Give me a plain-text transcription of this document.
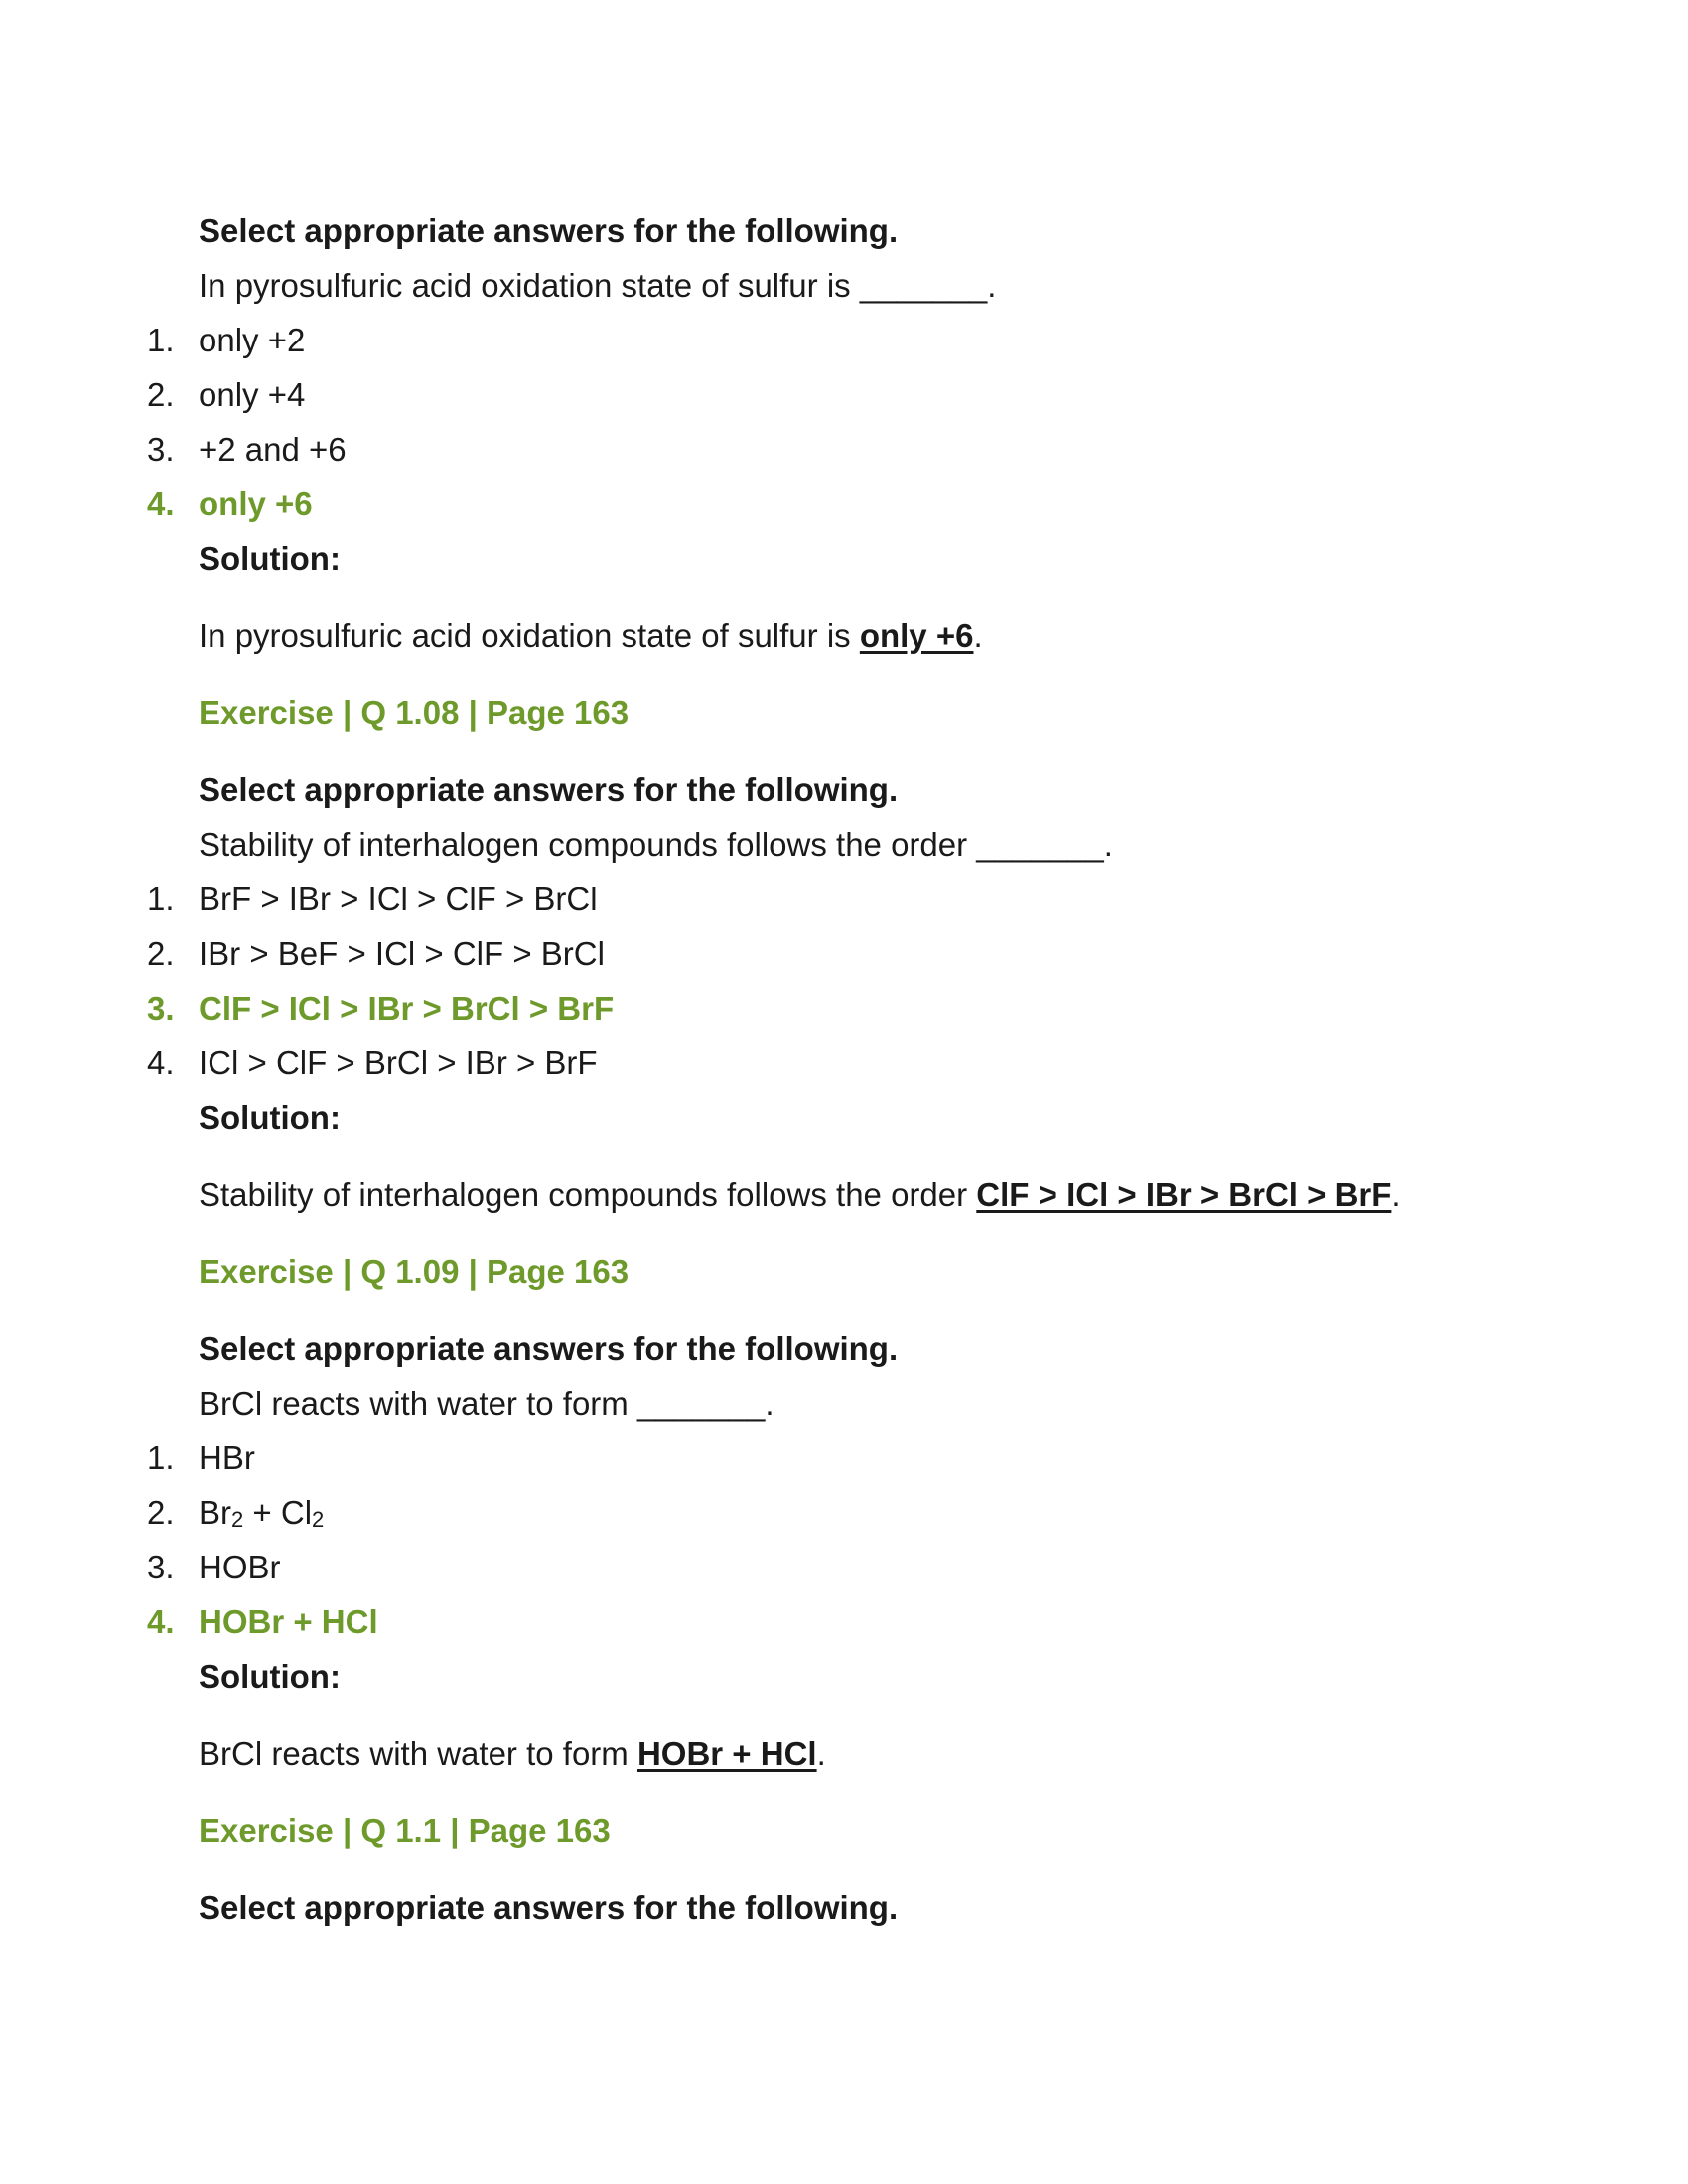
Select appropriate answers for the following.
In pyrosulfuric acid oxidation state of sulfur is _______.
1. only +2
2. only +4
3. +2 and +6
4. only +6
Solution:
In pyrosulfuric acid oxidation state of sulfur is only +6.
Exercise | Q 1.08 | Page 163
Select appropriate answers for the following.
Stability of interhalogen compounds follows the order _______.
1. BrF > IBr > ICl > ClF > BrCl
2. IBr > BeF > ICl > ClF > BrCl
3. ClF > ICl > IBr > BrCl > BrF
4. ICl > ClF > BrCl > IBr > BrF
Solution:
Stability of interhalogen compounds follows the order ClF > ICl > IBr > BrCl > BrF.
Exercise | Q 1.09 | Page 163
Select appropriate answers for the following.
BrCl reacts with water to form _______.
1. HBr
2. $Br_2 + Cl_2$
3. HOBr
4. HOBr + HCl
Solution:
BrCl reacts with water to form HOBr + HCl.
Exercise | Q 1.1 | Page 163
Select appropriate answers for the following.
